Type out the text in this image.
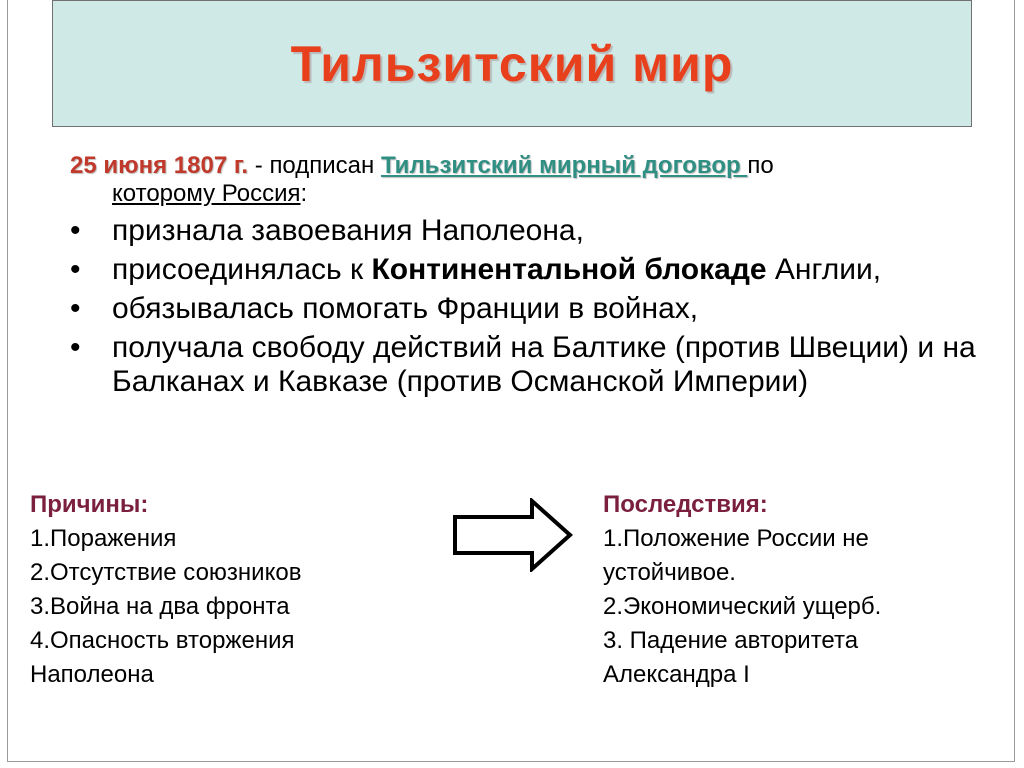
Тильзитский мир
25 июня 1807 г. - подписан Тильзитский мирный договор по
которому Россия:
• признала завоевания Наполеона,
• присоединялась к Континентальной блокаде Англии,
• обязывалась помогать Франции в войнах,
• получала свободу действий на Балтике (против Швеции) и на Балканах и Кавказе (против Османской Империи)
Причины:
1.Поражения
2.Отсутствие союзников
3.Война на два фронта
4.Опасность вторжения Наполеона
Последствия:
1.Положение России не устойчивое.
2.Экономический ущерб.
3. Падение авторитета Александра I
